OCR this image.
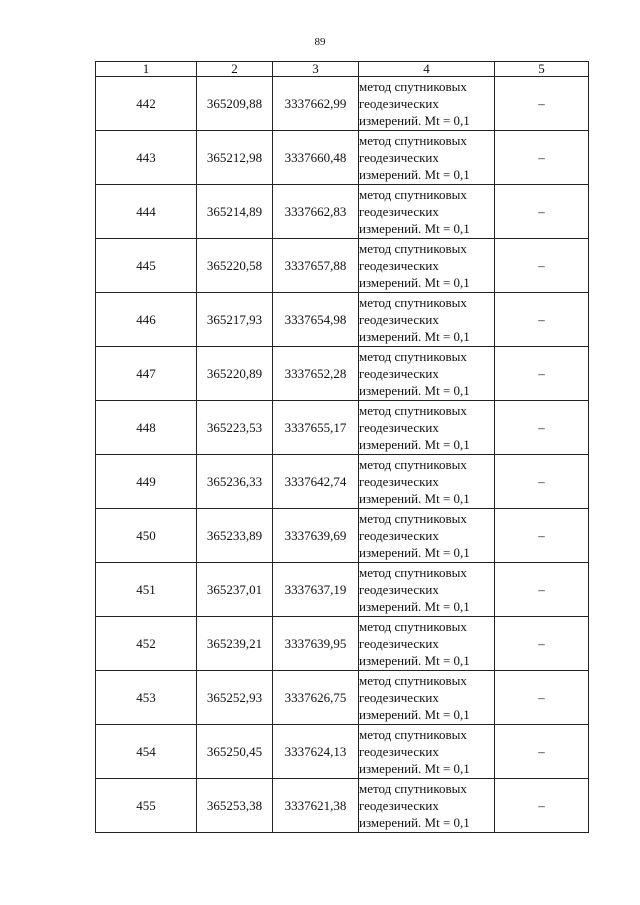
89
1	2	3	4	5
442	365209,88	3337662,99	метод спутниковых
геодезических
измерений. Mt = 0,1	–
443	365212,98	3337660,48	метод спутниковых
геодезических
измерений. Mt = 0,1	–
444	365214,89	3337662,83	метод спутниковых
геодезических
измерений. Mt = 0,1	–
445	365220,58	3337657,88	метод спутниковых
геодезических
измерений. Mt = 0,1	–
446	365217,93	3337654,98	метод спутниковых
геодезических
измерений. Mt = 0,1	–
447	365220,89	3337652,28	метод спутниковых
геодезических
измерений. Mt = 0,1	–
448	365223,53	3337655,17	метод спутниковых
геодезических
измерений. Mt = 0,1	–
449	365236,33	3337642,74	метод спутниковых
геодезических
измерений. Mt = 0,1	–
450	365233,89	3337639,69	метод спутниковых
геодезических
измерений. Mt = 0,1	–
451	365237,01	3337637,19	метод спутниковых
геодезических
измерений. Mt = 0,1	–
452	365239,21	3337639,95	метод спутниковых
геодезических
измерений. Mt = 0,1	–
453	365252,93	3337626,75	метод спутниковых
геодезических
измерений. Mt = 0,1	–
454	365250,45	3337624,13	метод спутниковых
геодезических
измерений. Mt = 0,1	–
455	365253,38	3337621,38	метод спутниковых
геодезических
измерений. Mt = 0,1	–
